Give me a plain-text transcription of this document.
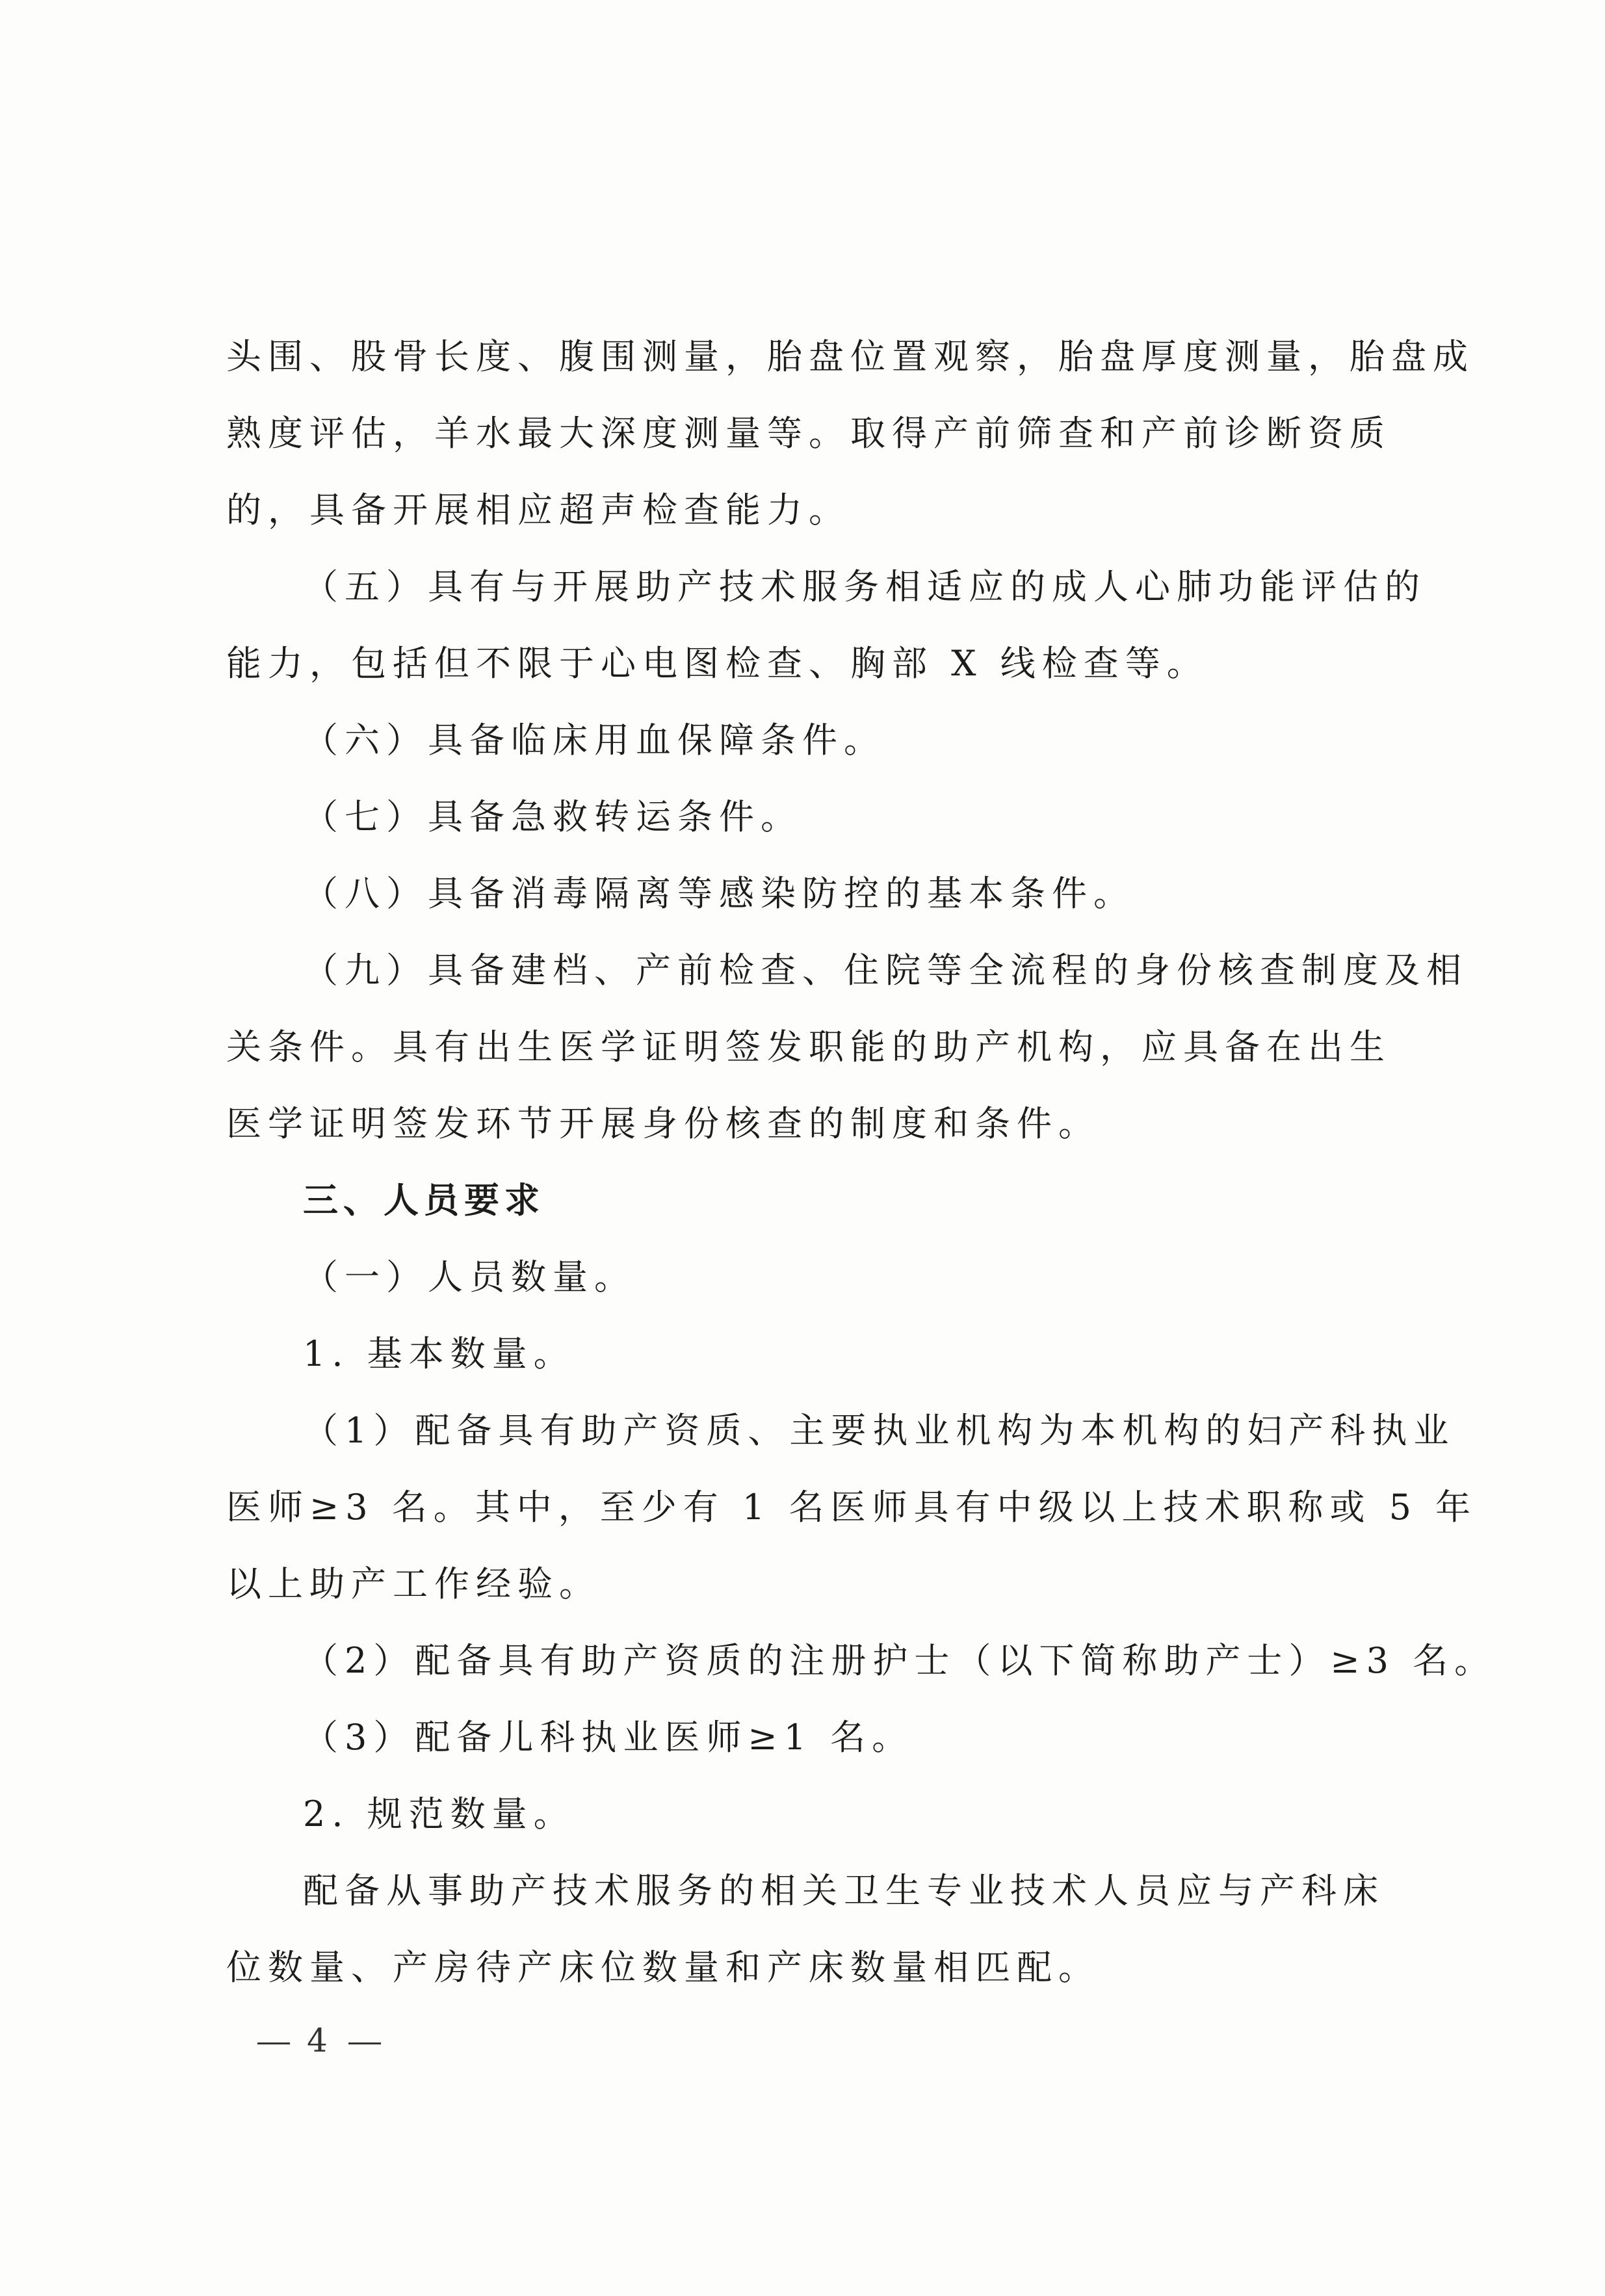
头围、股骨长度、腹围测量，胎盘位置观察，胎盘厚度测量，胎盘成
熟度评估，羊水最大深度测量等。取得产前筛查和产前诊断资质
的，具备开展相应超声检查能力。
（五）具有与开展助产技术服务相适应的成人心肺功能评估的
能力，包括但不限于心电图检查、胸部 X 线检查等。
（六）具备临床用血保障条件。
（七）具备急救转运条件。
（八）具备消毒隔离等感染防控的基本条件。
（九）具备建档、产前检查、住院等全流程的身份核查制度及相
关条件。具有出生医学证明签发职能的助产机构，应具备在出生
医学证明签发环节开展身份核查的制度和条件。
三、人员要求
（一）人员数量。
1. 基本数量。
（1）配备具有助产资质、主要执业机构为本机构的妇产科执业
医师≥3 名。其中，至少有 1 名医师具有中级以上技术职称或 5 年
以上助产工作经验。
（2）配备具有助产资质的注册护士（以下简称助产士）≥3 名。
（3）配备儿科执业医师≥1 名。
2. 规范数量。
配备从事助产技术服务的相关卫生专业技术人员应与产科床
位数量、产房待产床位数量和产床数量相匹配。
4
